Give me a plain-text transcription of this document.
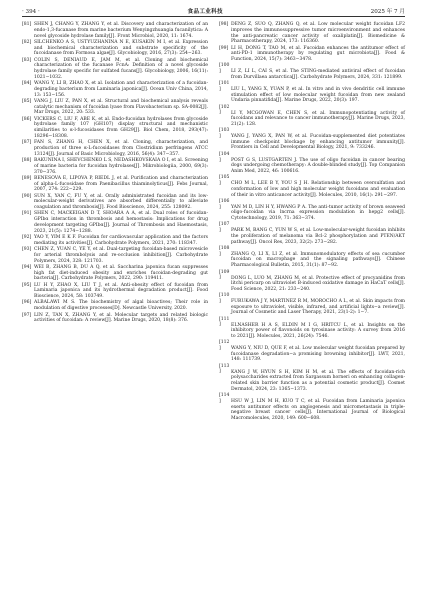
· 394 ·	食品工业科技	2025 年 7 月

[81] SHEN J, CHANG Y, ZHANG Y, et al. Discovery and characterization of an endo-1,3-fucanase from marine bacterium Wenyingzhuangia fucanilytica: A novel glycoside hydrolase family[J]. Front Microbiol, 2020, 11: 1674.

[82] SILCHENKO A S, USTYUZHANINA N E, KUSAKIN M I, et al. Expression and biochemical characterization and substrate specificity of the fucoidanase from Formosa algae[J]. Glycobiology, 2016, 27(3): 254−263.

[83] COLIN S, DENIAUD E, JAM M, et al. Cloning and biochemical characterization of the fucanase FcnA: Definition of a novel glycoside hydrolase family specific for sulfated fucans[J]. Glycobiology, 2006, 16(11): 1021−1032.

[84] WANG Y, LI B, ZHAO X, et al. Isolation and characterization of a fucoidan-degrading bacterium from Laminaria japonica[J]. Ocean Univ China, 2014, 13: 153−156.

[85] VANG J, LIU Z, PAN X, et al. Structural and biochemical analysis reveals catalytic mechanism of fucoidan lyase from Flavobacterium sp. SA-0082[J]. Mar Drugs, 2022, 20: 533.

[86] VICKERS C, LIU F, ABE K, et al. Endo-fucoidan hydrolases from glycoside hydrolase family 107 (GH107) display structural and mechanistic similarities to α-l-fucosidases from GH29[J]. Biol Chem, 2018, 293(47): 18296−18308.

[87] FAN S, ZHANG H, CHEN X, et al. Cloning, characterization, and production of three α-L-fucosidases from Clostridium perfringens ATCC 13124[J]. Journal of Basic Microbiology, 2016, 56(4): 347−357.

[88] BAKUNINA I, SHEVCHENKO L S, NEDASHKOVSKAIA O I, et al. Screening of marine bacteria for fucoidan hydrolases[J]. Mikrobiologiia, 2000, 69(3): 370−376.

[89] BENESOVA E, LIPOVA P, RIEDL J, et al. Purification and characterization of alpha-L-fucosidase from Paenibacillus thiaminolyticus[J]. Febs Journal, 2007, 274: 222−229.

[90] SUN X, YAN C, FU Y, et al. Orally administrated fucoidan and its low-molecular-weight derivatives are absorbed differentially to alleviate coagulation and thrombosis[J]. Food Bioscience, 2024, 255: 128092.

[91] SHEN C, MACKEIGAN D T, SHOARA A A, et al. Dual roles of fucoidan-GPIbα interaction in thrombosis and hemostasis: Implications for drug development targeting GPIbα[J]. Journal of Thrombosis and Haemostasis, 2023, 21(5): 1274−1288.

[92] YAO Y, YIM E K F. Fucoidan for cardiovascular application and the factors mediating its activities[J]. Carbohydrate Polymers, 2021, 270: 118347.

[93] CHEN Z, YUAN C, YE Y, et al. Dual-targeting fucoidan-based microvesicle for arterial thrombolysis and re-occlusion inhibition[J]. Carbohydrate Polymers, 2024, 328: 121703.

[94] WEI B, ZHANG B, DU A Q, et al. Saccharina japonica fucan suppresses high fat diet-induced obesity and enriches fucoidan-degrading gut bacteria[J]. Carbohydrate Polymers, 2022, 290: 119411.

[95] LU H Y, ZHAO X, LIU T J, et al. Anti-obesity effect of fucoidan from Laminaria japonica and its hydrothermal degradation product[J]. Food Bioscience, 2024, 58: 103749.

[96] ALBALAWI M S. The biochemistry of algal bioactives; Their role in modulation of digestive processes[D]. Newcastle University, 2020.

[97] LIN Z, TAN X, ZHANG Y, et al. Molecular targets and related biologic activities of fucoidan: A review[J]. Marine Drugs, 2020, 18(8): 376.

[98] DENG Z, SUO Q, ZHANG Q, et al. Low molecular weight fucoidan LF2 improves the immunosuppressive tumor microenvironment and enhances the anti-pancreatic cancer activity of oxaliplatin[J]. Biomedicine & Pharmacotherapy, 2024, 173: 116360.

[99] LI H, DONG T, TAO M, et al. Fucoidan enhances the antitumor effect of anti-PD-1 immunotherapy by regulating gut microbiota[J]. Food & Function, 2024, 15(7): 3463−3478.

[100] LI Z, LI L, CAI S, et al. The STING-mediated antiviral effect of fucoidan from Durvillaea antarctica[J]. Carbohydrate Polymers, 2024, 331: 121899.

[101] LIU L, YANG X, YUAN P, et al. In vitro and in vivo dendritic cell immune stimulation effect of low molecular weight fucoidan from new zealand Undaria pinnatifida[J]. Marine Drugs, 2022, 20(3): 197.

[102] LI Y, MCGOWAN E, CHEN S, et al. Immunopotentiating activity of fucoidans and relevance to cancer immunotherapy[J]. Marine Drugs, 2023, 21(2): 128.

[103] YANG J, YANG X, PAN W, et al. Fucoidan-supplemented diet potentiates immune checkpoint blockage by enhancing antitumor immunity[J]. Frontiers in Cell and Developmental Biology, 2021, 9: 733246.

[104] POST G S, LUSTGARTEN J. The use of oligo fucoidan in cancer bearing dogs undergoing chemotherapy: A double-blinded study[J]. Top Companion Anim Med, 2022, 46: 100616.

[105] CHO M L, LEE B Y, YOU S J H. Relationship between oversulfation and conformation of low and high molecular weight fucoidans and evaluation of their in vitro anticancer activity[J]. Molecules, 2010, 16(1): 291−297.

[106] YAN M D, LIN H Y, HWANG P A. The anti-tumor activity of brown seaweed oligo-fucoidan via lncrna expression modulation in hepg2 cells[J]. Cytotechnology, 2019, 71: 363−374.

[107] PARK M, BANG C, YUN W S, et al. Low-molecular-weight fucoidan inhibits the proliferation of melanoma via Bcl-2 phosphorylation and PTEN/AKT pathway[J]. Oncol Res, 2023, 32(2): 273−282.

[108] ZHANG Q, LI X, LI Z, et al. Immunomodulatory effects of sea cucumber fucoidan on macrophage and the signaling pathways[J]. Chinese Pharmacological Bulletin, 2015, 31(1): 87−92.

[109] DONG L, LUO M, ZHANG M, et al. Protective effect of procyanidins from litchi pericarp on ultraviolet B-induced oxidative damage in HaCaT cells[J]. Food Science, 2022, 21: 233−240.

[110] FURUKAWA J Y, MARTINEZ R M, MOROCHO A L, et al. Skin impacts from exposure to ultraviolet, visible, infrared, and artificial lights−a review[J]. Journal of Cosmetic and Laser Therapy, 2021, 23(1-2): 1−7.

[111] ELNASHER H A S, ELDIN M I G, HRITCU L, et al. Insights on the inhibitory power of flavonoids on tyrosinase activity: A survey from 2016 to 2021[J]. Molecules, 2021, 26(24): 7546.

[112] WANG Y, NIU D, QUE F, et al. Low molecular weight fucoidan prepared by fucoidanase degradation−a promising browning inhibitor[J]. LWT, 2021, 148: 111739.

[113] KANG J W, HYUN S H, KIM H M, et al. The effects of fucoidan-rich polysaccharides extracted from Sargassum horneri on enhancing collagen-related skin barrier function as a potential cosmetic product[J]. Cosmet Dermatol, 2024, 23: 1365−1373.

[114] HSU W J, LIN M H, KUO T C, et al. Fucoidan from Laminaria japonica exerts antitumor effects on angiogenesis and micrometastasis in triple-negative breast cancer cells[J]. International Journal of Biological Macromolecules, 2020, 149: 600−608.
